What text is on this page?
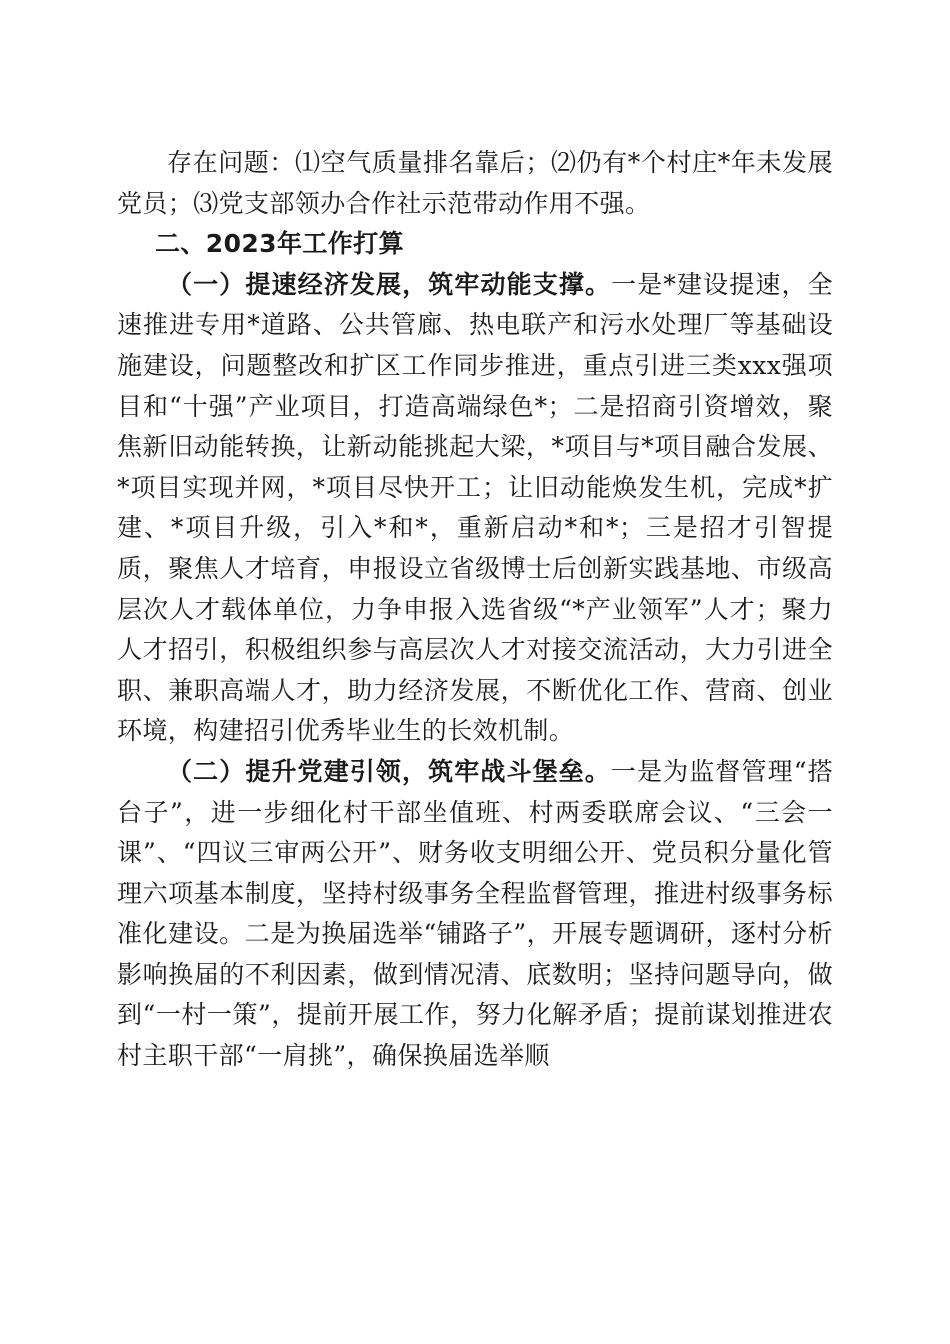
存在问题：⑴空气质量排名靠后；⑵仍有*个村庄*年未发展党员；⑶党支部领办合作社示范带动作用不强。

二、2023年工作打算

（一）提速经济发展，筑牢动能支撑。一是*建设提速，全速推进专用*道路、公共管廊、热电联产和污水处理厂等基础设施建设，问题整改和扩区工作同步推进，重点引进三类xxx强项目和“十强”产业项目，打造高端绿色*；二是招商引资增效，聚焦新旧动能转换，让新动能挑起大梁，*项目与*项目融合发展、*项目实现并网，*项目尽快开工；让旧动能焕发生机，完成*扩建、*项目升级，引入*和*，重新启动*和*；三是招才引智提质，聚焦人才培育，申报设立省级博士后创新实践基地、市级高层次人才载体单位，力争申报入选省级“*产业领军”人才；聚力人才招引，积极组织参与高层次人才对接交流活动，大力引进全职、兼职高端人才，助力经济发展，不断优化工作、营商、创业环境，构建招引优秀毕业生的长效机制。

（二）提升党建引领，筑牢战斗堡垒。一是为监督管理“搭台子”，进一步细化村干部坐值班、村两委联席会议、“三会一课”、“四议三审两公开”、财务收支明细公开、党员积分量化管理六项基本制度，坚持村级事务全程监督管理，推进村级事务标准化建设。二是为换届选举“铺路子”，开展专题调研，逐村分析影响换届的不利因素，做到情况清、底数明；坚持问题导向，做到“一村一策”，提前开展工作，努力化解矛盾；提前谋划推进农村主职干部“一肩挑”，确保换届选举顺
